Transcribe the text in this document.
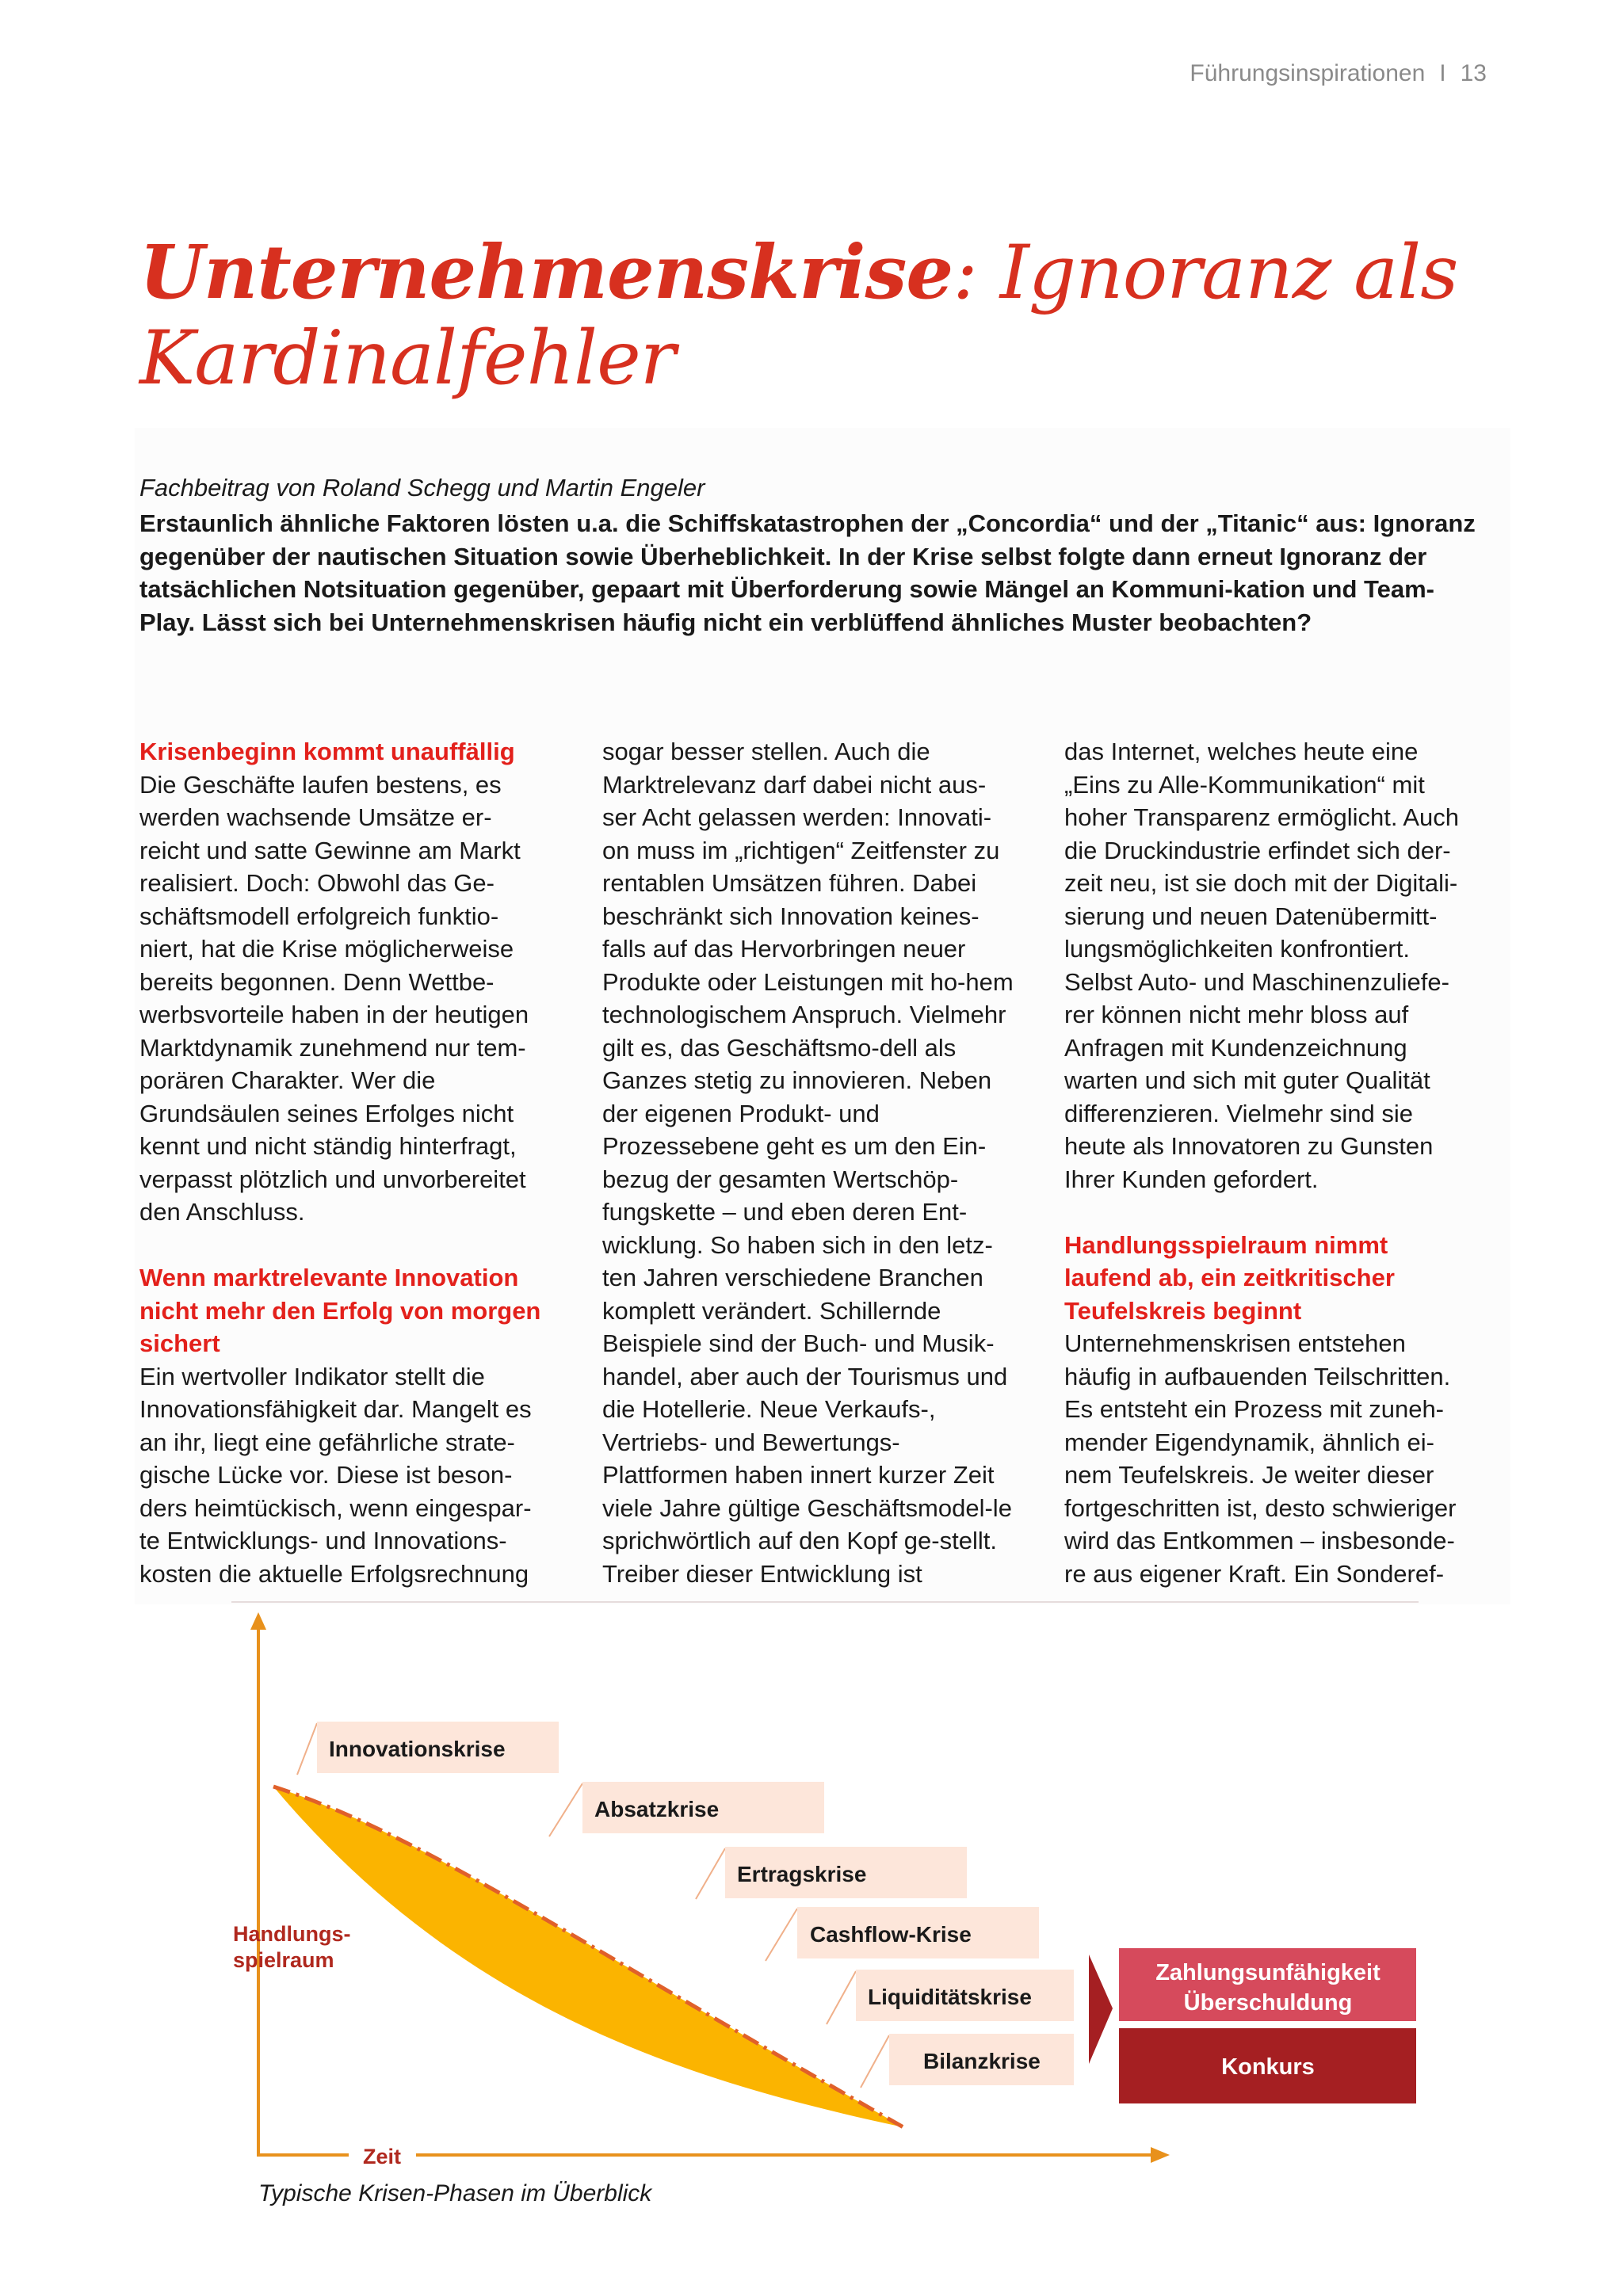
Führungsinspirationen I 13
Unternehmenskrise: Ignoranz als Kardinalfehler
Fachbeitrag von Roland Schegg und Martin Engeler

Erstaunlich ähnliche Faktoren lösten u.a. die Schiffskatastrophen der „Concordia“ und der „Titanic“ aus: Ignoranz gegenüber der nautischen Situation sowie Überheblichkeit. In der Krise selbst folgte dann erneut Ignoranz der tatsächlichen Notsituation gegenüber, gepaart mit Überforderung sowie Mängel an Kommuni-kation und Team-Play. Lässt sich bei Unternehmenskrisen häufig nicht ein verblüffend ähnliches Muster beobachten?

Krisenbeginn kommt unauffällig

Die Geschäfte laufen bestens, es werden wachsende Umsätze er-reicht und satte Gewinne am Markt realisiert. Doch: Obwohl das Ge-schäftsmodell erfolgreich funktio-niert, hat die Krise möglicherweise bereits begonnen. Denn Wettbe-werbsvorteile haben in der heutigen Marktdynamik zunehmend nur tem-porären Charakter. Wer die Grundsäulen seines Erfolges nicht kennt und nicht ständig hinterfragt, verpasst plötzlich und unvorbereitet den Anschluss.

Wenn marktrelevante Innovation nicht mehr den Erfolg von morgen sichert

Ein wertvoller Indikator stellt die Innovationsfähigkeit dar. Mangelt es an ihr, liegt eine gefährliche strate-gische Lücke vor. Diese ist beson-ders heimtückisch, wenn eingespar-te Entwicklungs- und Innovations-kosten die aktuelle Erfolgsrechnung

sogar besser stellen. Auch die Marktrelevanz darf dabei nicht aus-ser Acht gelassen werden: Innovati-on muss im „richtigen“ Zeitfenster zu rentablen Umsätzen führen. Dabei beschränkt sich Innovation keines-falls auf das Hervorbringen neuer Produkte oder Leistungen mit ho-hem technologischem Anspruch. Vielmehr gilt es, das Geschäftsmo-dell als Ganzes stetig zu innovieren. Neben der eigenen Produkt- und Prozessebene geht es um den Ein-bezug der gesamten Wertschöp-fungskette – und eben deren Ent-wicklung. So haben sich in den letz-ten Jahren verschiedene Branchen komplett verändert. Schillernde Beispiele sind der Buch- und Musik-handel, aber auch der Tourismus und die Hotellerie. Neue Verkaufs-, Vertriebs- und Bewertungs-Plattformen haben innert kurzer Zeit viele Jahre gültige Geschäftsmodel-le sprichwörtlich auf den Kopf ge-stellt. Treiber dieser Entwicklung ist

das Internet, welches heute eine „Eins zu Alle-Kommunikation“ mit hoher Transparenz ermöglicht. Auch die Druckindustrie erfindet sich der-zeit neu, ist sie doch mit der Digitali-sierung und neuen Datenübermitt-lungsmöglichkeiten konfrontiert. Selbst Auto- und Maschinenzuliefe-rer können nicht mehr bloss auf Anfragen mit Kundenzeichnung warten und sich mit guter Qualität differenzieren. Vielmehr sind sie heute als Innovatoren zu Gunsten Ihrer Kunden gefordert.

Handlungsspielraum nimmt laufend ab, ein zeitkritischer Teufelskreis beginnt

Unternehmenskrisen entstehen häufig in aufbauenden Teilschritten. Es entsteht ein Prozess mit zuneh-mender Eigendynamik, ähnlich ei-nem Teufelskreis. Je weiter dieser fortgeschritten ist, desto schwieriger wird das Entkommen – insbesonde-re aus eigener Kraft. Ein Sonderef-

Zeit
Handlungs-
spielraum
Innovationskrise
Absatzkrise
Ertragskrise
Cashflow-Krise
Liquiditätskrise
Bilanzkrise
Zahlungsunfähigkeit
Überschuldung
Konkurs
Typische Krisen-Phasen im Überblick
